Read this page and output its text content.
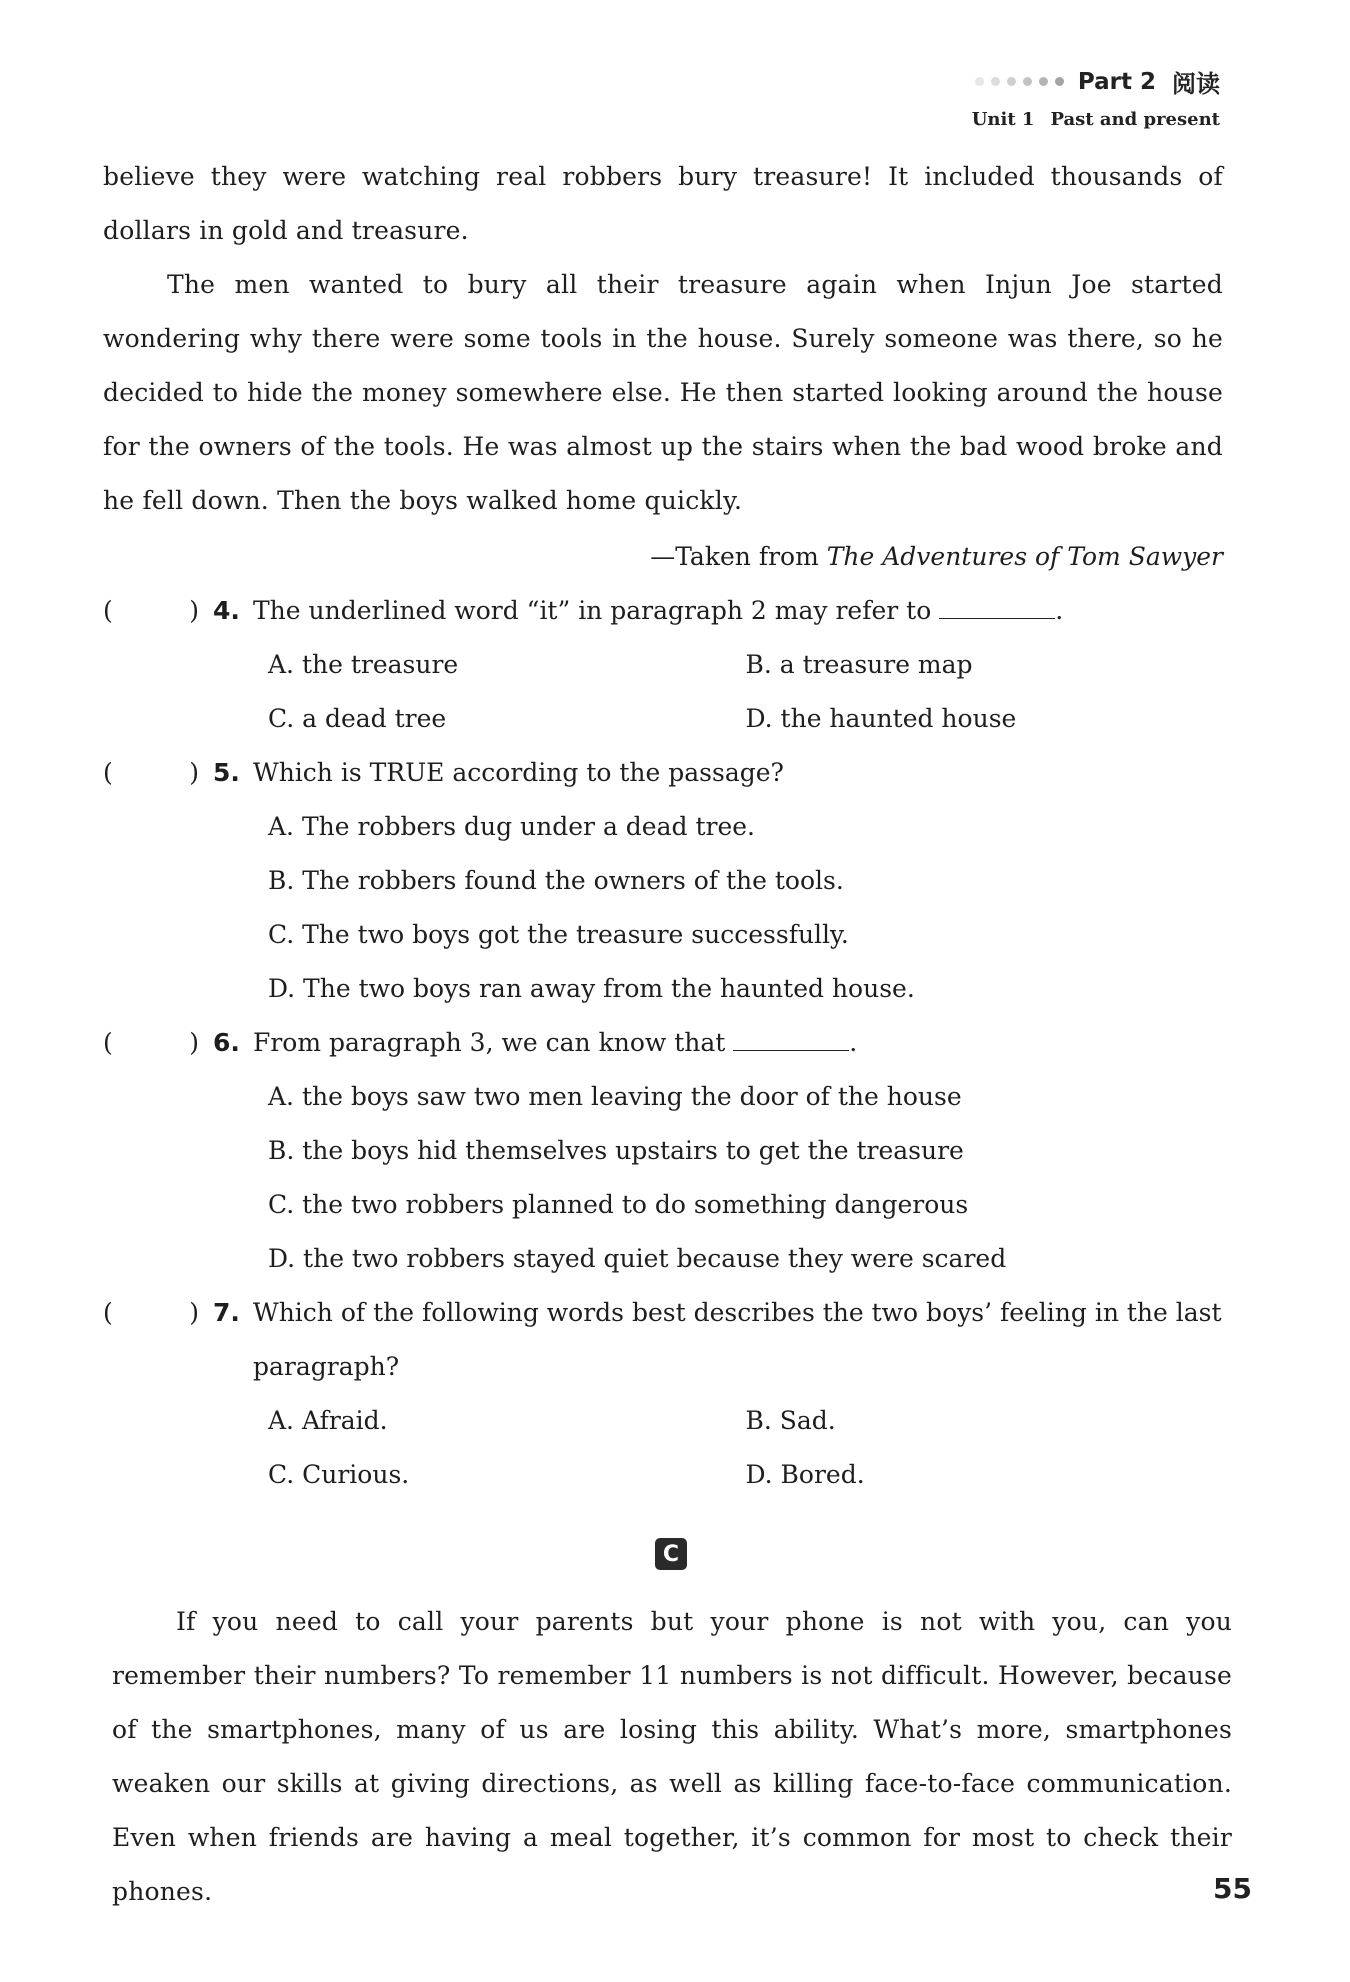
Part 2 阅读
Unit 1 Past and present

believe they were watching real robbers bury treasure! It included thousands of dollars in gold and treasure.

The men wanted to bury all their treasure again when Injun Joe started wondering why there were some tools in the house. Surely someone was there, so he decided to hide the money somewhere else. He then started looking around the house for the owners of the tools. He was almost up the stairs when the bad wood broke and he fell down. Then the boys walked home quickly.

—Taken from The Adventures of Tom Sawyer
(	) 4. The underlined word “it” in paragraph 2 may refer to	.
A. the treasure	B. a treasure map
C. a dead tree	D. the haunted house
(	) 5. Which is TRUE according to the passage?
A. The robbers dug under a dead tree.
B. The robbers found the owners of the tools.
C. The two boys got the treasure successfully.
D. The two boys ran away from the haunted house.
(	) 6. From paragraph 3, we can know that	.
A. the boys saw two men leaving the door of the house
B. the boys hid themselves upstairs to get the treasure
C. the two robbers planned to do something dangerous
D. the two robbers stayed quiet because they were scared
(	) 7. Which of the following words best describes the two boys’ feeling in the last paragraph?
A. Afraid.	B. Sad.
C. Curious.	D. Bored.
C

If you need to call your parents but your phone is not with you, can you remember their numbers? To remember 11 numbers is not difficult. However, because of the smartphones, many of us are losing this ability. What’s more, smartphones weaken our skills at giving directions, as well as killing face-to-face communication. Even when friends are having a meal together, it’s common for most to check their phones.	55
